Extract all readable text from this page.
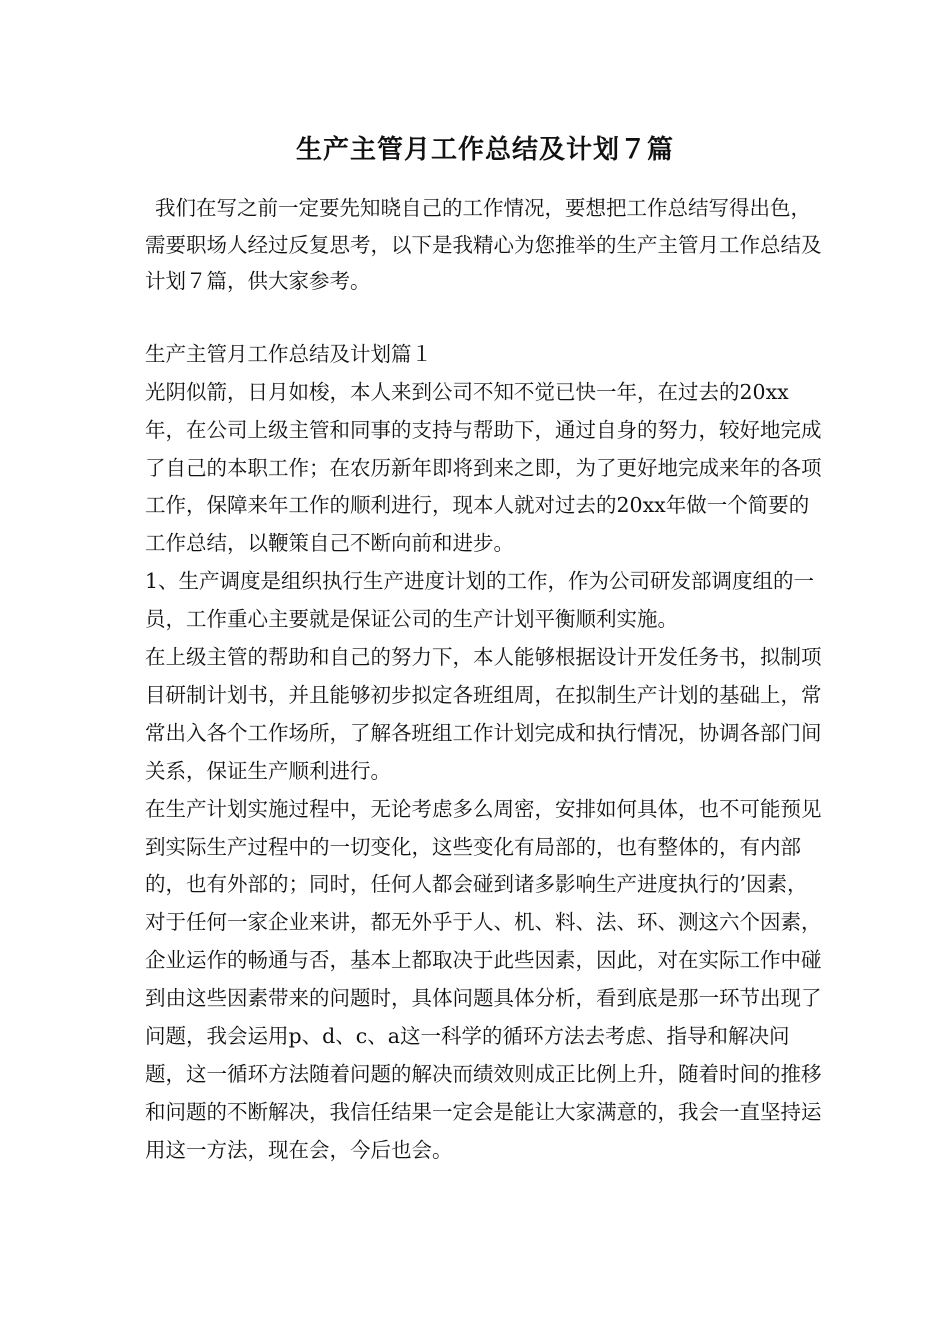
生产主管月工作总结及计划７篇

我们在写之前一定要先知晓自己的工作情况，要想把工作总结写得出色，需要职场人经过反复思考，以下是我精心为您推举的生产主管月工作总结及计划７篇，供大家参考。

生产主管月工作总结及计划篇１

光阴似箭，日月如梭，本人来到公司不知不觉已快一年，在过去的20xx年，在公司上级主管和同事的支持与帮助下，通过自身的努力，较好地完成了自己的本职工作；在农历新年即将到来之即，为了更好地完成来年的各项工作，保障来年工作的顺利进行，现本人就对过去的20xx年做一个简要的工作总结，以鞭策自己不断向前和进步。

1、生产调度是组织执行生产进度计划的工作，作为公司研发部调度组的一员，工作重心主要就是保证公司的生产计划平衡顺利实施。

在上级主管的帮助和自己的努力下，本人能够根据设计开发任务书，拟制项目研制计划书，并且能够初步拟定各班组周，在拟制生产计划的基础上，常常出入各个工作场所，了解各班组工作计划完成和执行情况，协调各部门间关系，保证生产顺利进行。

在生产计划实施过程中，无论考虑多么周密，安排如何具体，也不可能预见到实际生产过程中的一切变化，这些变化有局部的，也有整体的，有内部的，也有外部的；同时，任何人都会碰到诸多影响生产进度执行的’因素，对于任何一家企业来讲，都无外乎于人、机、料、法、环、测这六个因素，企业运作的畅通与否，基本上都取决于此些因素，因此，对在实际工作中碰到由这些因素带来的问题时，具体问题具体分析，看到底是那一环节出现了问题，我会运用p、d、c、a这一科学的循环方法去考虑、指导和解决问题，这一循环方法随着问题的解决而绩效则成正比例上升，随着时间的推移和问题的不断解决，我信任结果一定会是能让大家满意的，我会一直坚持运用这一方法，现在会，今后也会。
